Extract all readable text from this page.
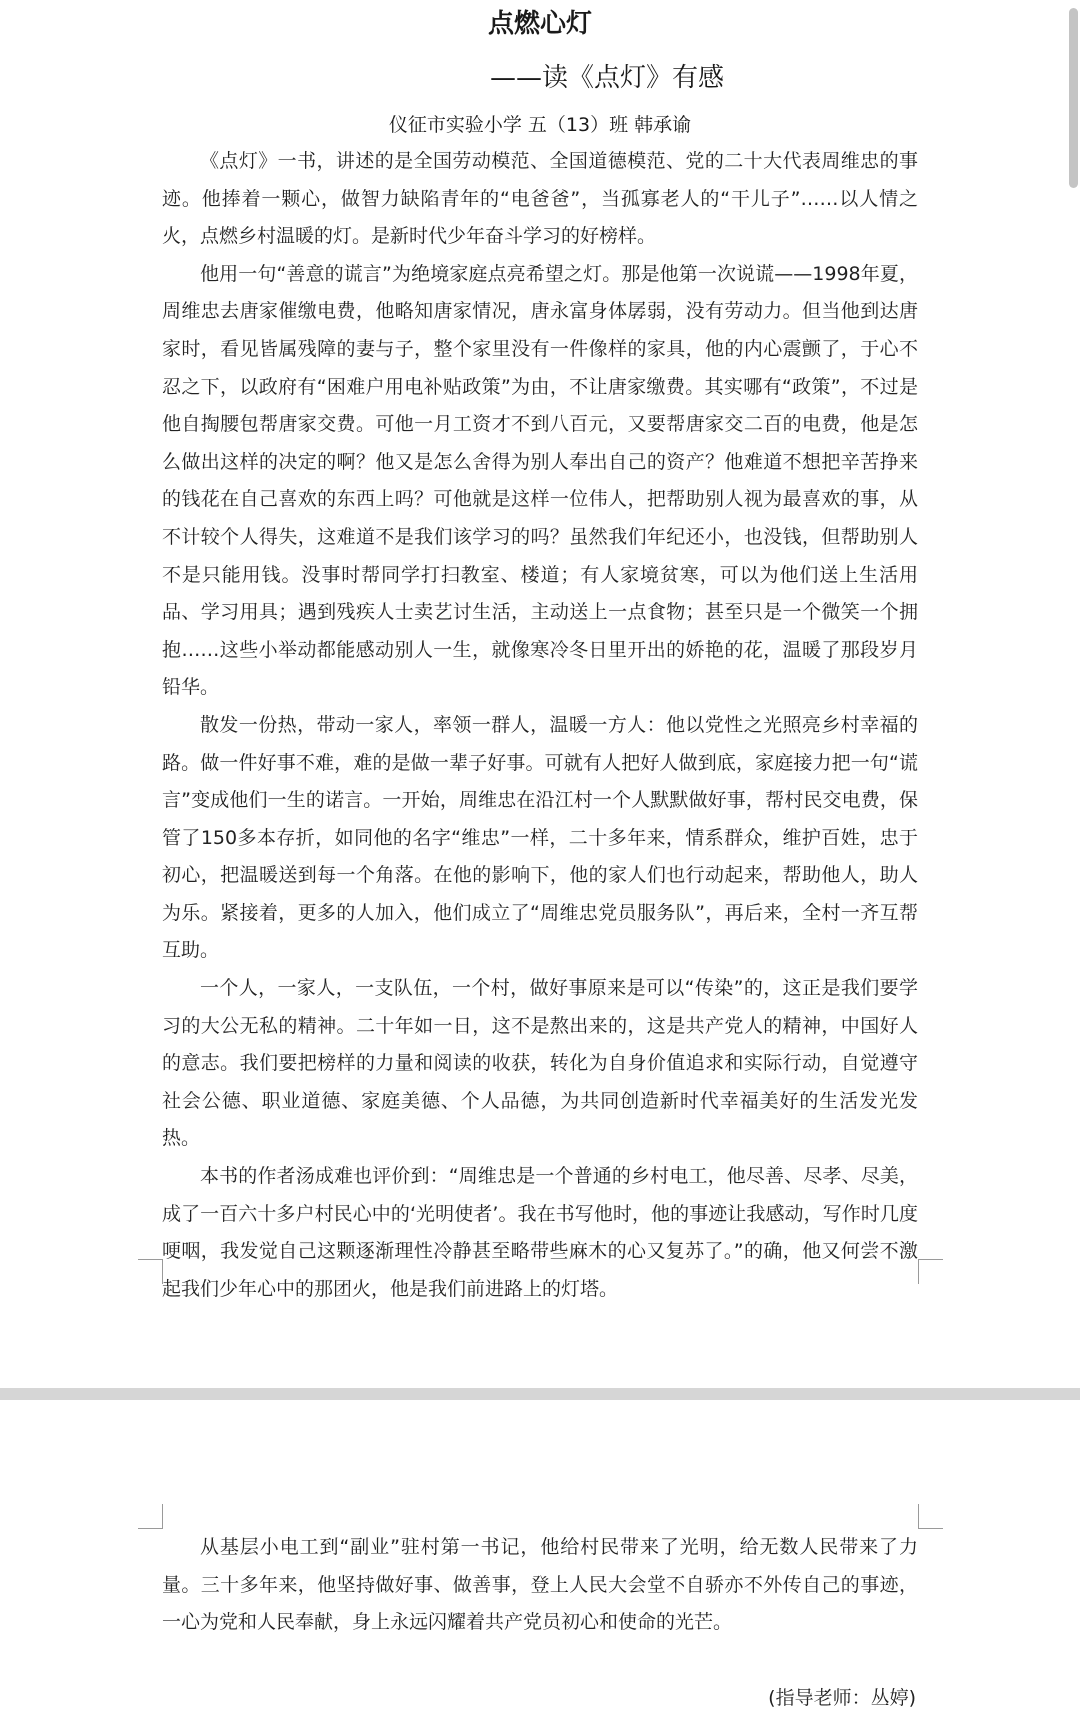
点燃心灯
——读《点灯》有感
仪征市实验小学 五（13）班 韩承谕

《点灯》一书，讲述的是全国劳动模范、全国道德模范、党的二十大代表周维忠的事迹。他捧着一颗心，做智力缺陷青年的“电爸爸”，当孤寡老人的“干儿子”……以人情之火，点燃乡村温暖的灯。是新时代少年奋斗学习的好榜样。

他用一句“善意的谎言”为绝境家庭点亮希望之灯。那是他第一次说谎——1998年夏，周维忠去唐家催缴电费，他略知唐家情况，唐永富身体孱弱，没有劳动力。但当他到达唐家时，看见皆属残障的妻与子，整个家里没有一件像样的家具，他的内心震颤了，于心不忍之下，以政府有“困难户用电补贴政策”为由，不让唐家缴费。其实哪有“政策”，不过是他自掏腰包帮唐家交费。可他一月工资才不到八百元，又要帮唐家交二百的电费，他是怎么做出这样的决定的啊？他又是怎么舍得为别人奉出自己的资产？他难道不想把辛苦挣来的钱花在自己喜欢的东西上吗？可他就是这样一位伟人，把帮助别人视为最喜欢的事，从不计较个人得失，这难道不是我们该学习的吗？虽然我们年纪还小，也没钱，但帮助别人不是只能用钱。没事时帮同学打扫教室、楼道；有人家境贫寒，可以为他们送上生活用品、学习用具；遇到残疾人士卖艺讨生活，主动送上一点食物；甚至只是一个微笑一个拥抱……这些小举动都能感动别人一生，就像寒冷冬日里开出的娇艳的花，温暖了那段岁月铅华。

散发一份热，带动一家人，率领一群人，温暖一方人：他以党性之光照亮乡村幸福的路。做一件好事不难，难的是做一辈子好事。可就有人把好人做到底，家庭接力把一句“谎言”变成他们一生的诺言。一开始，周维忠在沿江村一个人默默做好事，帮村民交电费，保管了150多本存折，如同他的名字“维忠”一样，二十多年来，情系群众，维护百姓，忠于初心，把温暖送到每一个角落。在他的影响下，他的家人们也行动起来，帮助他人，助人为乐。紧接着，更多的人加入，他们成立了“周维忠党员服务队”，再后来，全村一齐互帮互助。

一个人，一家人，一支队伍，一个村，做好事原来是可以“传染”的，这正是我们要学习的大公无私的精神。二十年如一日，这不是熬出来的，这是共产党人的精神，中国好人的意志。我们要把榜样的力量和阅读的收获，转化为自身价值追求和实际行动，自觉遵守社会公德、职业道德、家庭美德、个人品德，为共同创造新时代幸福美好的生活发光发热。

本书的作者汤成难也评价到：“周维忠是一个普通的乡村电工，他尽善、尽孝、尽美，成了一百六十多户村民心中的‘光明使者’。我在书写他时，他的事迹让我感动，写作时几度哽咽，我发觉自己这颗逐渐理性冷静甚至略带些麻木的心又复苏了。”的确，他又何尝不激起我们少年心中的那团火，他是我们前进路上的灯塔。

从基层小电工到“副业”驻村第一书记，他给村民带来了光明，给无数人民带来了力量。三十多年来，他坚持做好事、做善事，登上人民大会堂不自骄亦不外传自己的事迹，一心为党和人民奉献，身上永远闪耀着共产党员初心和使命的光芒。

(指导老师：丛婷)
